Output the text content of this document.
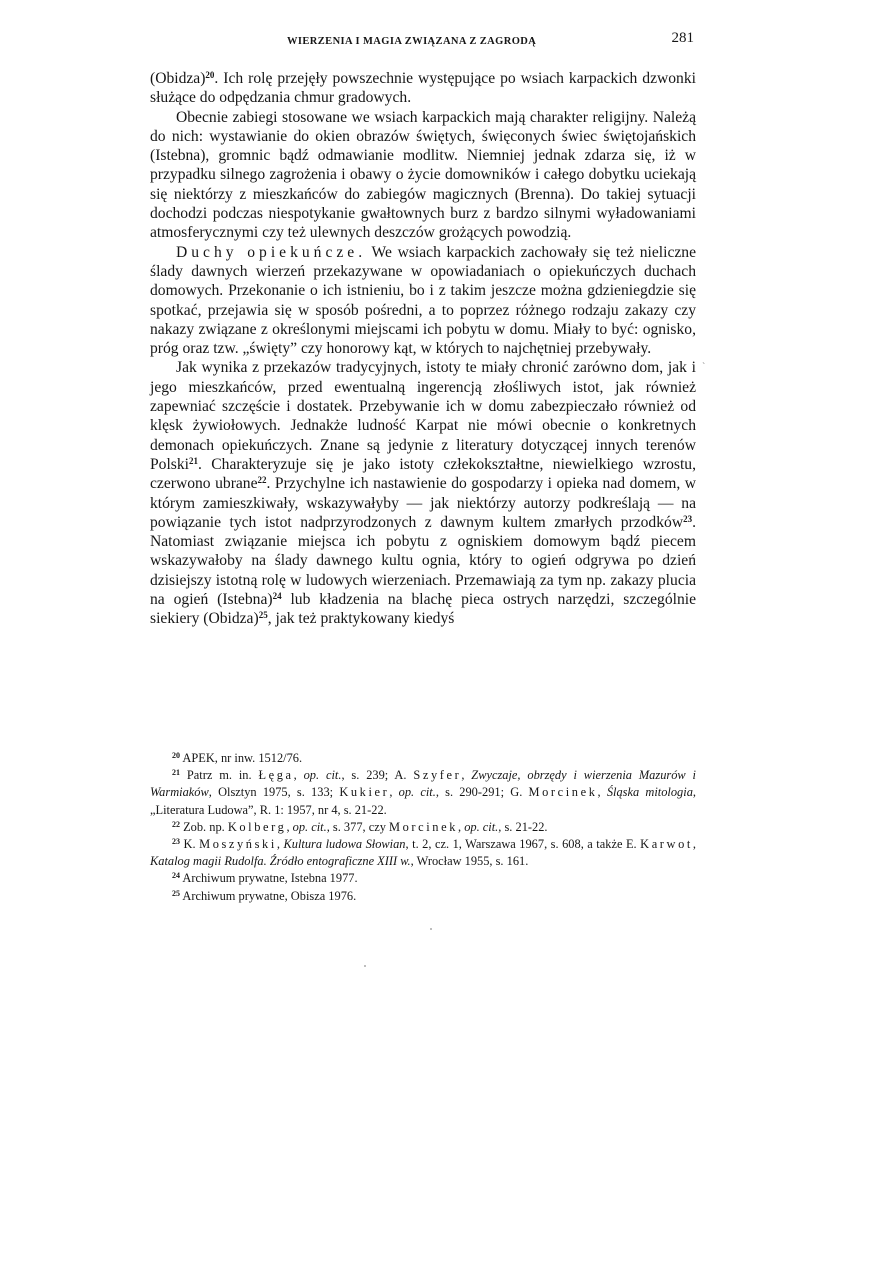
WIERZENIA I MAGIA ZWIĄZANA Z ZAGRODĄ	281

(Obidza)$^{20}$. Ich rolę przejęły powszechnie występujące po wsiach karpackich dzwonki służące do odpędzania chmur gradowych.

Obecnie zabiegi stosowane we wsiach karpackich mają charakter religijny. Należą do nich: wystawianie do okien obrazów świętych, święconych świec świętojańskich (Istebna), gromnic bądź odmawianie modlitw. Niemniej jednak zdarza się, iż w przypadku silnego zagrożenia i obawy o życie domowników i całego dobytku uciekają się niektórzy z mieszkańców do zabiegów magicznych (Brenna). Do takiej sytuacji dochodzi podczas niespotykanie gwałtownych burz z bardzo silnymi wyładowaniami atmosferycznymi czy też ulewnych deszczów grożących powodzią.

Duchy opiekuńcze. We wsiach karpackich zachowały się też nieliczne ślady dawnych wierzeń przekazywane w opowiadaniach o opiekuńczych duchach domowych. Przekonanie o ich istnieniu, bo i z takim jeszcze można gdzieniegdzie się spotkać, przejawia się w sposób pośredni, a to poprzez różnego rodzaju zakazy czy nakazy związane z określonymi miejscami ich pobytu w domu. Miały to być: ognisko, próg oraz tzw. „święty” czy honorowy kąt, w których to najchętniej przebywały.

Jak wynika z przekazów tradycyjnych, istoty te miały chronić zarówno dom, jak i jego mieszkańców, przed ewentualną ingerencją złośliwych istot, jak również zapewniać szczęście i dostatek. Przebywanie ich w domu zabezpieczało również od klęsk żywiołowych. Jednakże ludność Karpat nie mówi obecnie o konkretnych demonach opiekuńczych. Znane są jedynie z literatury dotyczącej innych terenów Polski$^{21}$. Charakteryzuje się je jako istoty człekokształtne, niewielkiego wzrostu, czerwono ubrane$^{22}$. Przychylne ich nastawienie do gospodarzy i opieka nad domem, w którym zamieszkiwały, wskazywałyby — jak niektórzy autorzy podkreślają — na powiązanie tych istot nadprzyrodzonych z dawnym kultem zmarłych przodków$^{23}$. Natomiast związanie miejsca ich pobytu z ogniskiem domowym bądź piecem wskazywałoby na ślady dawnego kultu ognia, który to ogień odgrywa po dzień dzisiejszy istotną rolę w ludowych wierzeniach. Przemawiają za tym np. zakazy plucia na ogień (Istebna)$^{24}$ lub kładzenia na blachę pieca ostrych narzędzi, szczególnie siekiery (Obidza)$^{25}$, jak też praktykowany kiedyś

$^{20}$ APEK, nr inw. 1512/76.

$^{21}$ Patrz m. in. Łęga, op. cit., s. 239; A. Szyfer, Zwyczaje, obrzędy i wierzenia Mazurów i Warmiaków, Olsztyn 1975, s. 133; Kukier, op. cit., s. 290-291; G. Morcinek, Śląska mitologia, „Literatura Ludowa”, R. 1: 1957, nr 4, s. 21-22.

$^{22}$ Zob. np. Kolberg, op. cit., s. 377, czy Morcinek, op. cit., s. 21-22.

$^{23}$ K. Moszyński, Kultura ludowa Słowian, t. 2, cz. 1, Warszawa 1967, s. 608, a także E. Karwot, Katalog magii Rudolfa. Źródło entograficzne XIII w., Wrocław 1955, s. 161.

$^{24}$ Archiwum prywatne, Istebna 1977.

$^{25}$ Archiwum prywatne, Obisza 1976.

`
